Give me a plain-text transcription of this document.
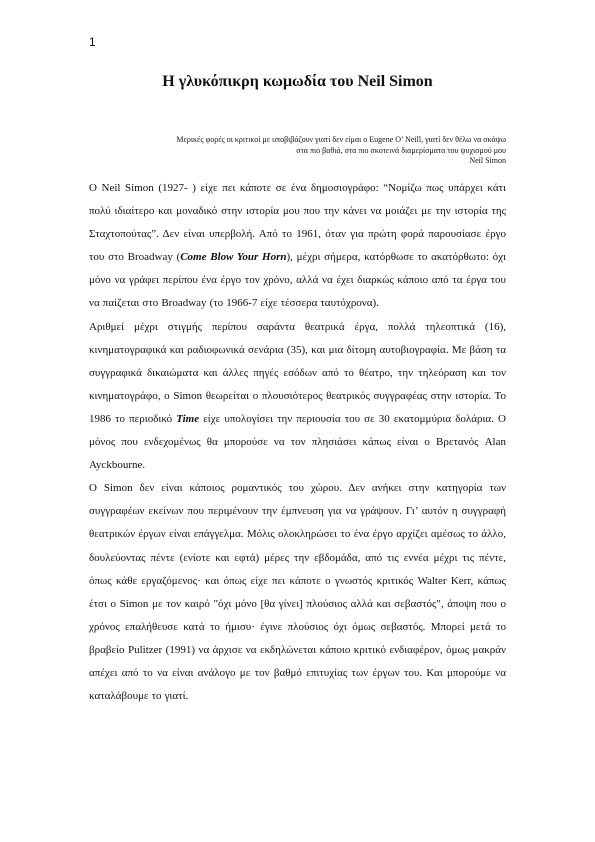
1
Η γλυκόπικρη κωμωδία του Neil Simon

Μερικές φορές οι κριτικοί με υποβιβάζουν γιατί δεν είμαι ο Eugene O’ Neill, γιατί δεν θέλω να σκάψω

στα πιο βαθιά, στα πιο σκοτεινά διαμερίσματα του ψυχισμού μου

Neil Simon

O Neil Simon (1927- ) είχε πει κάποτε σε ένα δημοσιογράφο: “Νομίζω πως υπάρχει κάτι πολύ ιδιαίτερο και μοναδικό στην ιστορία μου που την κάνει να μοιάζει με την ιστορία της Σταχτοπούτας”. Δεν είναι υπερβολή. Από το 1961, όταν για πρώτη φορά παρουσίασε έργο του στο Broadway (Come Blow Your Horn), μέχρι σήμερα, κατόρθωσε το ακατόρθωτο: όχι μόνο να γράφει περίπου ένα έργο τον χρόνο, αλλά να έχει διαρκώς κάποιο από τα έργα του να παίζεται στο Broadway (το 1966-7 είχε τέσσερα ταυτόχρονα).

Αριθμεί μέχρι στιγμής περίπου σαράντα θεατρικά έργα, πολλά τηλεοπτικά (16), κινηματογραφικά και ραδιοφωνικά σενάρια (35), και μια δίτομη αυτοβιογραφία. Με βάση τα συγγραφικά δικαιώματα και άλλες πηγές εσόδων από το θέατρο, την τηλεόραση και τον κινηματογράφο, ο Simon θεωρείται ο πλουσιότερος θεατρικός συγγραφέας στην ιστορία. Το 1986 το περιοδικό Time είχε υπολογίσει την περιουσία του σε 30 εκατομμύρια δολάρια. Ο μόνος που ενδεχομένως θα μπορούσε να τον πλησιάσει κάπως είναι ο Βρετανός Alan Ayckbourne.

O Simon δεν είναι κάποιος ρομαντικός του χώρου. Δεν ανήκει στην κατηγορία των συγγραφέων εκείνων που περιμένουν την έμπνευση για να γράψουν. Γι’ αυτόν η συγγραφή θεατρικών έργων είναι επάγγελμα. Μόλις ολοκληρώσει το ένα έργο αρχίζει αμέσως το άλλο, δουλεύοντας πέντε (ενίοτε και εφτά) μέρες την εβδομάδα, από τις εννέα μέχρι τις πέντε, όπως κάθε εργαζόμενος· και όπως είχε πει κάποτε ο γνωστός κριτικός Walter Kerr, κάπως έτσι ο Simon με τον καιρό "όχι μόνο [θα γίνει] πλούσιος αλλά και σεβαστός", άποψη που ο χρόνος επαλήθευσε κατά το ήμισυ· έγινε πλούσιος όχι όμως σεβαστός. Μπορεί μετά το βραβείο Pulitzer (1991) να άρχισε να εκδηλώνεται κάποιο κριτικό ενδιαφέρον, όμως μακράν απέχει από το να είναι ανάλογο με τον βαθμό επιτυχίας των έργων του. Και μπορούμε να καταλάβουμε το γιατί.
